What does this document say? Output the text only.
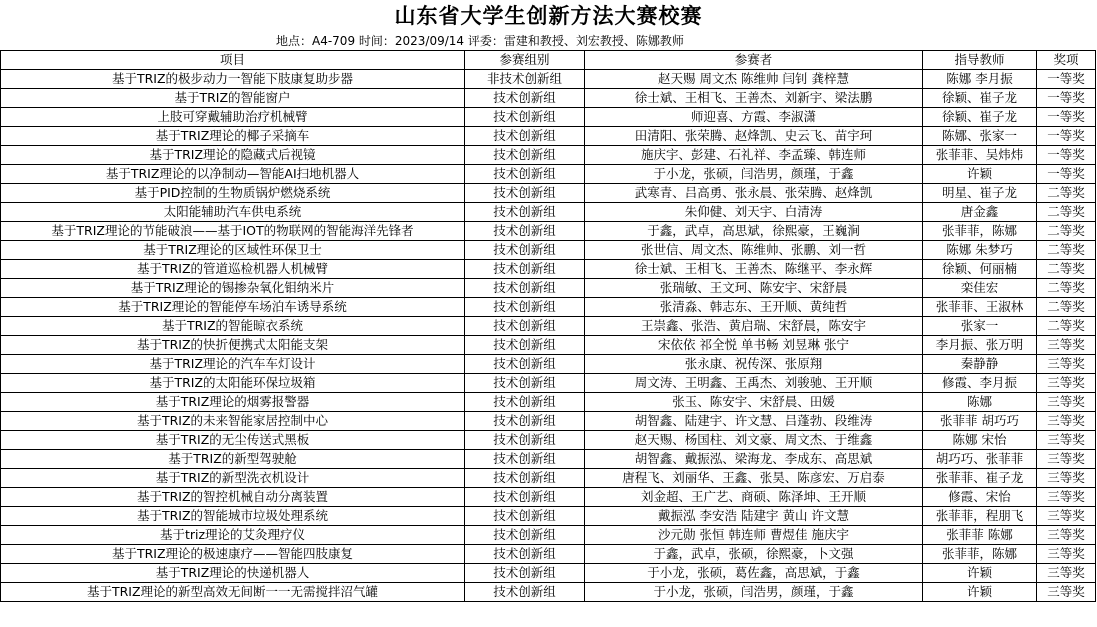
山东省大学生创新方法大赛校赛
地点：A4-709 时间：2023/09/14 评委：雷建和教授、刘宏教授、陈娜教师
项目	参赛组别	参赛者	指导教师	奖项
基于TRIZ的极步动力一智能下肢康复助步器	非技术创新组	赵天赐 周文杰 陈维帅 闫钊 龚梓慧	陈娜 李月振	一等奖
基于TRIZ的智能窗户	技术创新组	徐士斌、王相飞、王善杰、刘新宇、梁法鹏	徐颖、崔子龙	一等奖
上肢可穿戴辅助治疗机械臂	技术创新组	师迎喜、方霞、李淑潇	徐颖、崔子龙	一等奖
基于TRIZ理论的椰子采摘车	技术创新组	田清阳、张荣腾、赵烽凯、史云飞、苗宇珂	陈娜、张家一	一等奖
基于TRIZ理论的隐藏式后视镜	技术创新组	施庆宇、彭建、石礼祥、李孟臻、韩连师	张菲菲、吴炜炜	一等奖
基于TRIZ理论的以净制动—智能AI扫地机器人	技术创新组	于小龙，张硕，闫浩男，颜瑾，于鑫	许颖	一等奖
基于PID控制的生物质锅炉燃烧系统	技术创新组	武寒青、吕高勇、张永晨、张荣腾、赵烽凯	明星、崔子龙	二等奖
太阳能辅助汽车供电系统	技术创新组	朱仰健、刘天宇、白清涛	唐金鑫	二等奖
基于TRIZ理论的节能破浪——基于IOT的物联网的智能海洋先锋者	技术创新组	于鑫，武卓，高思斌，徐熙豪，王巍涧	张菲菲，陈娜	二等奖
基于TRIZ理论的区域性环保卫士	技术创新组	张世信、周文杰、陈维帅、张鹏、刘一哲	陈娜 朱梦巧	二等奖
基于TRIZ的管道巡检机器人机械臂	技术创新组	徐士斌、王相飞、王善杰、陈继平、李永辉	徐颖、何丽楠	二等奖
基于TRIZ理论的锡掺杂氧化钼纳米片	技术创新组	张瑞敏、王文珂、陈安宇、宋舒晨	栾佳宏	二等奖
基于TRIZ理论的智能停车场泊车诱导系统	技术创新组	张清淼、韩志东、王开顺、黄纯哲	张菲菲、王淑林	二等奖
基于TRIZ的智能晾衣系统	技术创新组	王崇鑫、张浩、黄启瑞、宋舒晨，陈安宇	张家一	二等奖
基于TRIZ的快折便携式太阳能支架	技术创新组	宋依依 祁全悦 单书畅 刘昱琳 张宁	李月振、张万明	三等奖
基于TRIZ理论的汽车车灯设计	技术创新组	张永康、祝传深、张原翔	秦静静	三等奖
基于TRIZ的太阳能环保垃圾箱	技术创新组	周文涛、王明鑫、王禹杰、刘骏驰、王开顺	修霞、李月振	三等奖
基于TRIZ理论的烟雾报警器	技术创新组	张玉、陈安宇、宋舒晨、田媛	陈娜	三等奖
基于TRIZ的未来智能家居控制中心	技术创新组	胡智鑫、陆建宇、许文慧、吕蓬勃、段维涛	张菲菲 胡巧巧	三等奖
基于TRIZ的无尘传送式黑板	技术创新组	赵天赐、杨国柱、刘文豪、周文杰、于维鑫	陈娜 宋怡	三等奖
基于TRIZ的新型驾驶舱	技术创新组	胡智鑫、戴振泓、梁海龙、李成东、高思斌	胡巧巧、张菲菲	三等奖
基于TRIZ的新型洗衣机设计	技术创新组	唐程飞、刘丽华、王鑫、张昊、陈彦宏、万启泰	张菲菲、崔子龙	三等奖
基于TRIZ的智控机械自动分离装置	技术创新组	刘金超、王广艺、商硕、陈泽坤、王开顺	修霞、宋怡	三等奖
基于TRIZ的智能城市垃圾处理系统	技术创新组	戴振泓 李安浩 陆建宇 黄山 许文慧	张菲菲，程朋飞	三等奖
基于triz理论的艾灸理疗仪	技术创新组	沙元勋 张恒 韩连师 曹煜佳 施庆宇	张菲菲 陈娜	三等奖
基于TRIZ理论的极速康疗——智能四肢康复	技术创新组	于鑫，武卓，张硕，徐熙豪，卜文强	张菲菲，陈娜	三等奖
基于TRIZ理论的快递机器人	技术创新组	于小龙，张硕，葛佐鑫，高思斌，于鑫	许颖	三等奖
基于TRIZ理论的新型高效无间断一一无需搅拌沼气罐	技术创新组	于小龙，张硕，闫浩男，颜瑾，于鑫	许颖	三等奖
